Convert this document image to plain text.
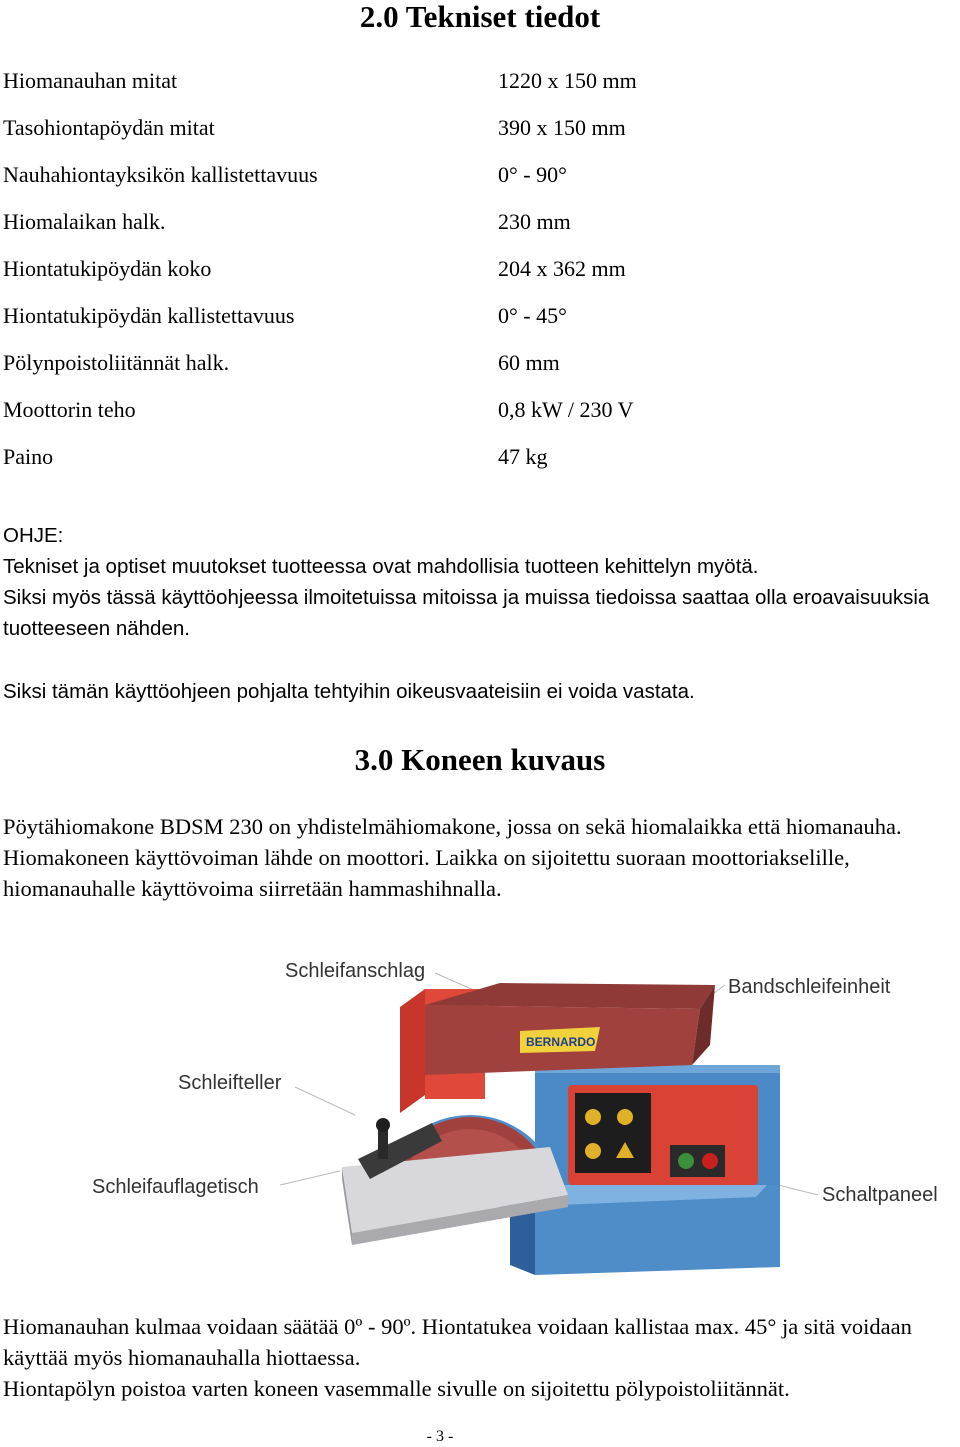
2.0 Tekniset tiedot
Hiomanauhan mitat	1220 x 150 mm
Tasohiontapöydän mitat	390 x 150 mm
Nauhahiontayksikön kallistettavuus	0° - 90°
Hiomalaikan halk.	230 mm
Hiontatukipöydän koko	204 x 362 mm
Hiontatukipöydän kallistettavuus	0° - 45°
Pölynpoistoliitännät halk.	60 mm
Moottorin teho	0,8 kW / 230 V
Paino	47 kg

OHJE:

Tekniset ja optiset muutokset tuotteessa ovat mahdollisia tuotteen kehittelyn myötä.

Siksi myös tässä käyttöohjeessa ilmoitetuissa mitoissa ja muissa tiedoissa saattaa olla eroavaisuuksia tuotteeseen nähden.

Siksi tämän käyttöohjeen pohjalta tehtyihin oikeusvaateisiin ei voida vastata.
3.0 Koneen kuvaus

Pöytähiomakone BDSM 230 on yhdistelmähiomakone, jossa on sekä hiomalaikka että hiomanauha.

Hiomakoneen käyttövoiman lähde on moottori. Laikka on sijoitettu suoraan moottoriakselille, hiomanauhalle käyttövoima siirretään hammashihnalla.

Schleifanschlag
Bandschleifeinheit
Schleifteller
Schleifauflagetisch	Schaltpaneel
BERNARDO

Hiomanauhan kulmaa voidaan säätää 0º - 90º. Hiontatukea voidaan kallistaa max. 45° ja sitä voidaan käyttää myös hiomanauhalla hiottaessa.

Hiontapölyn poistoa varten koneen vasemmalle sivulle on sijoitettu pölypoistoliitännät.

- 3 -
